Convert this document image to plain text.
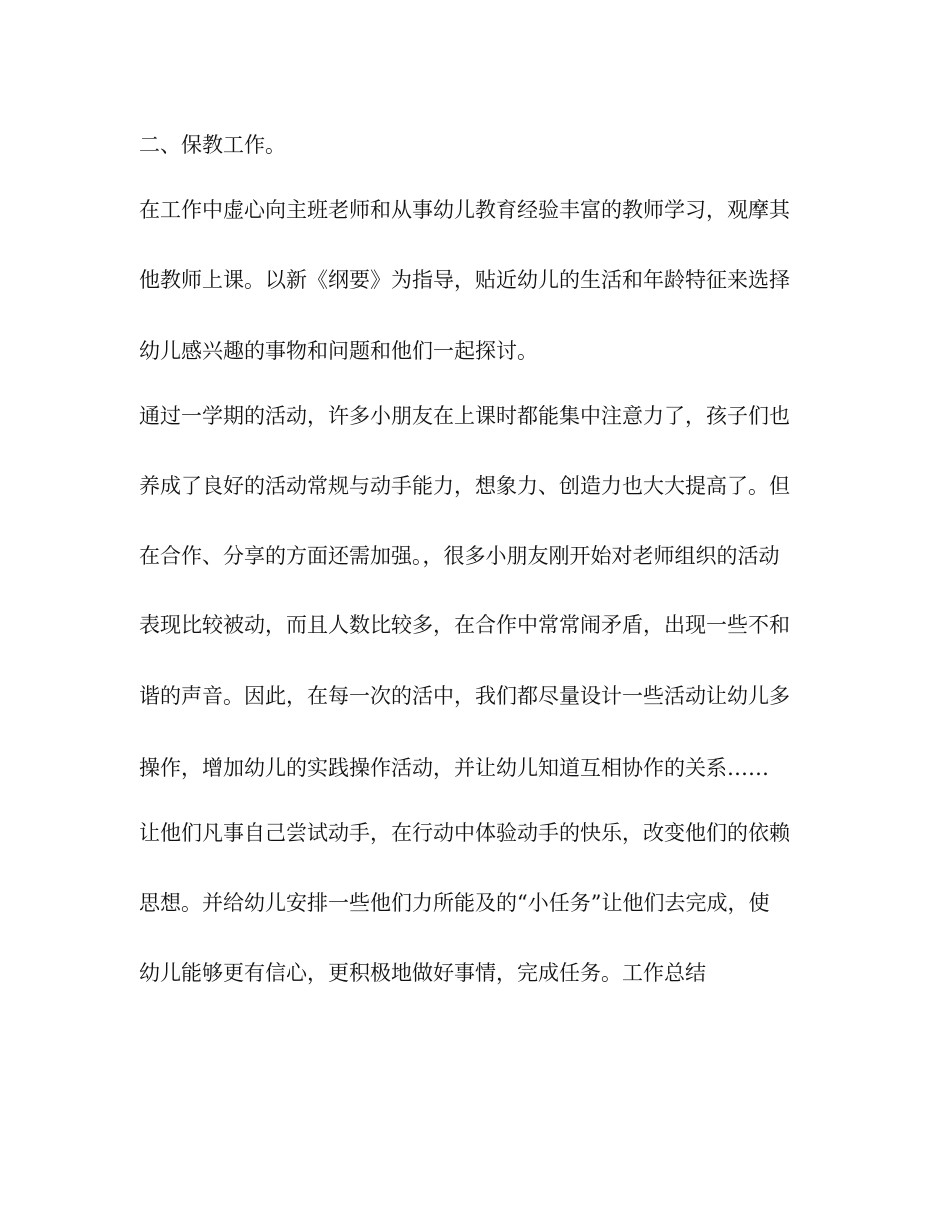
二、保教工作。
在工作中虚心向主班老师和从事幼儿教育经验丰富的教师学习，观摩其
他教师上课。以新《纲要》为指导，贴近幼儿的生活和年龄特征来选择
幼儿感兴趣的事物和问题和他们一起探讨。
通过一学期的活动，许多小朋友在上课时都能集中注意力了，孩子们也
养成了良好的活动常规与动手能力，想象力、创造力也大大提高了。但
在合作、分享的方面还需加强。，很多小朋友刚开始对老师组织的活动
表现比较被动，而且人数比较多，在合作中常常闹矛盾，出现一些不和
谐的声音。因此，在每一次的活中，我们都尽量设计一些活动让幼儿多
操作，增加幼儿的实践操作活动，并让幼儿知道互相协作的关系……
让他们凡事自己尝试动手，在行动中体验动手的快乐，改变他们的依赖
思想。并给幼儿安排一些他们力所能及的“小任务”让他们去完成，使
幼儿能够更有信心，更积极地做好事情，完成任务。工作总结
